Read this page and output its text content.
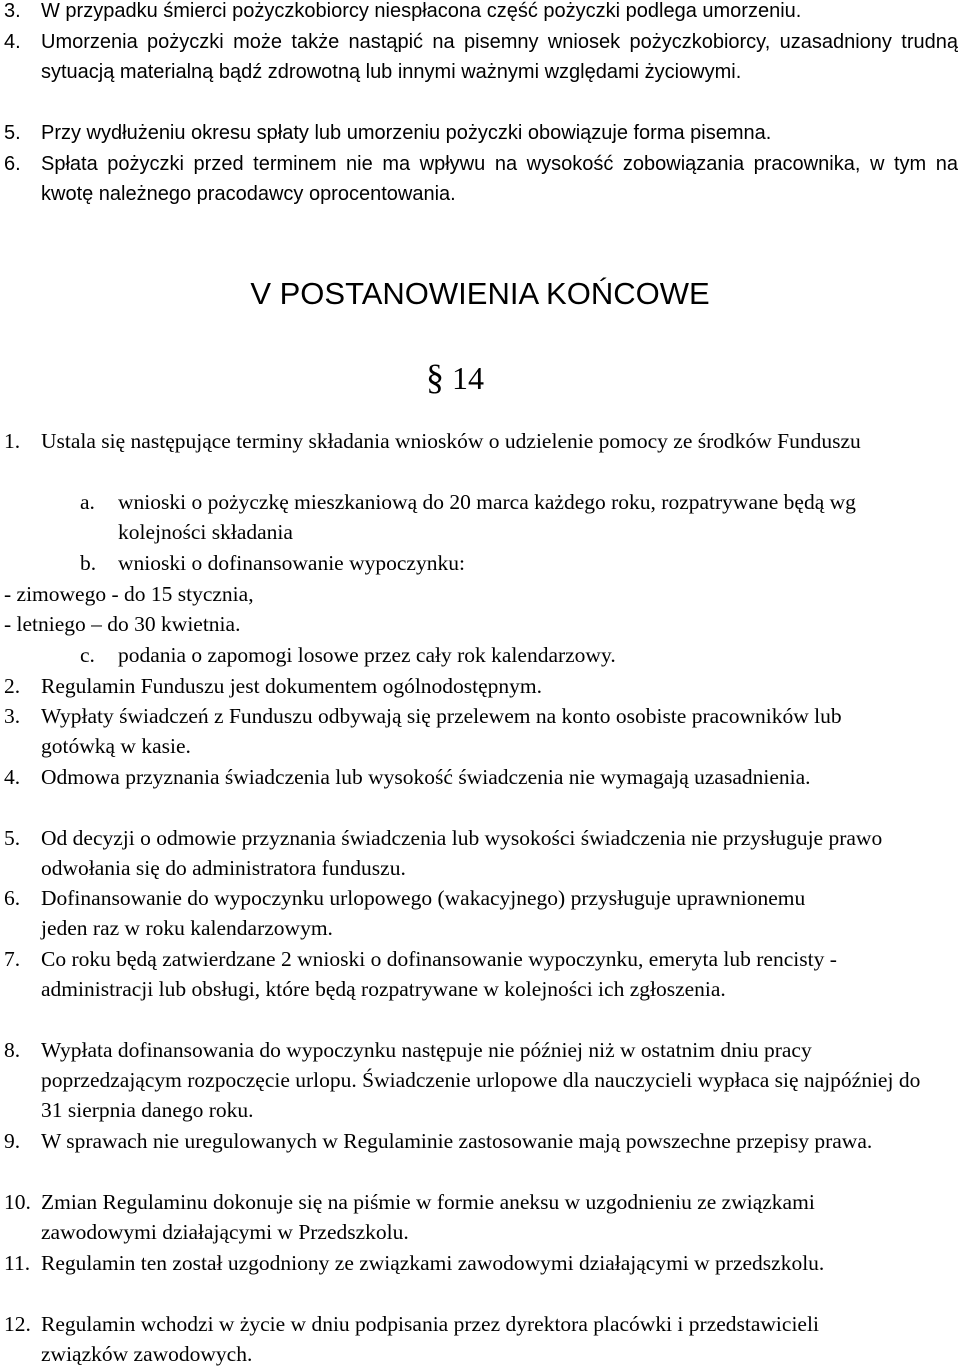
3. W przypadku śmierci pożyczkobiorcy niespłacona część pożyczki podlega umorzeniu.
4. Umorzenia pożyczki może także nastąpić na pisemny wniosek pożyczkobiorcy, uzasadniony trudną sytuacją materialną bądź zdrowotną lub innymi ważnymi względami życiowymi.
5. Przy wydłużeniu okresu spłaty lub umorzeniu pożyczki obowiązuje forma pisemna.
6. Spłata pożyczki przed terminem nie ma wpływu na wysokość zobowiązania pracownika, w tym na kwotę należnego pracodawcy oprocentowania.
V POSTANOWIENIA KOŃCOWE
§ 14
1. Ustala się następujące terminy składania wniosków o udzielenie pomocy ze środków Funduszu
a. wnioski o pożyczkę mieszkaniową do 20 marca każdego roku, rozpatrywane będą wg kolejności składania
b. wnioski o dofinansowanie wypoczynku:
- zimowego - do 15 stycznia,
- letniego – do 30 kwietnia.
c. podania o zapomogi losowe przez cały rok kalendarzowy.
2. Regulamin Funduszu jest dokumentem ogólnodostępnym.
3. Wypłaty świadczeń z Funduszu odbywają się przelewem na konto osobiste pracowników lub gotówką w kasie.
4. Odmowa przyznania świadczenia lub wysokość świadczenia nie wymagają uzasadnienia.
5. Od decyzji o odmowie przyznania świadczenia lub wysokości świadczenia nie przysługuje prawo odwołania się do administratora funduszu.
6. Dofinansowanie do wypoczynku urlopowego (wakacyjnego) przysługuje uprawnionemu jeden raz w roku kalendarzowym.
7. Co roku będą zatwierdzane 2 wnioski o dofinansowanie wypoczynku, emeryta lub rencisty - administracji lub obsługi, które będą rozpatrywane w kolejności ich zgłoszenia.
8. Wypłata dofinansowania do wypoczynku następuje nie później niż w ostatnim dniu pracy poprzedzającym rozpoczęcie urlopu. Świadczenie urlopowe dla nauczycieli wypłaca się najpóźniej do 31 sierpnia danego roku.
9. W sprawach nie uregulowanych w Regulaminie zastosowanie mają powszechne przepisy prawa.
10. Zmian Regulaminu dokonuje się na piśmie w formie aneksu w uzgodnieniu ze związkami zawodowymi działającymi w Przedszkolu.
11. Regulamin ten został uzgodniony ze związkami zawodowymi działającymi w przedszkolu.
12. Regulamin wchodzi w życie w dniu podpisania przez dyrektora placówki i przedstawicieli związków zawodowych.
